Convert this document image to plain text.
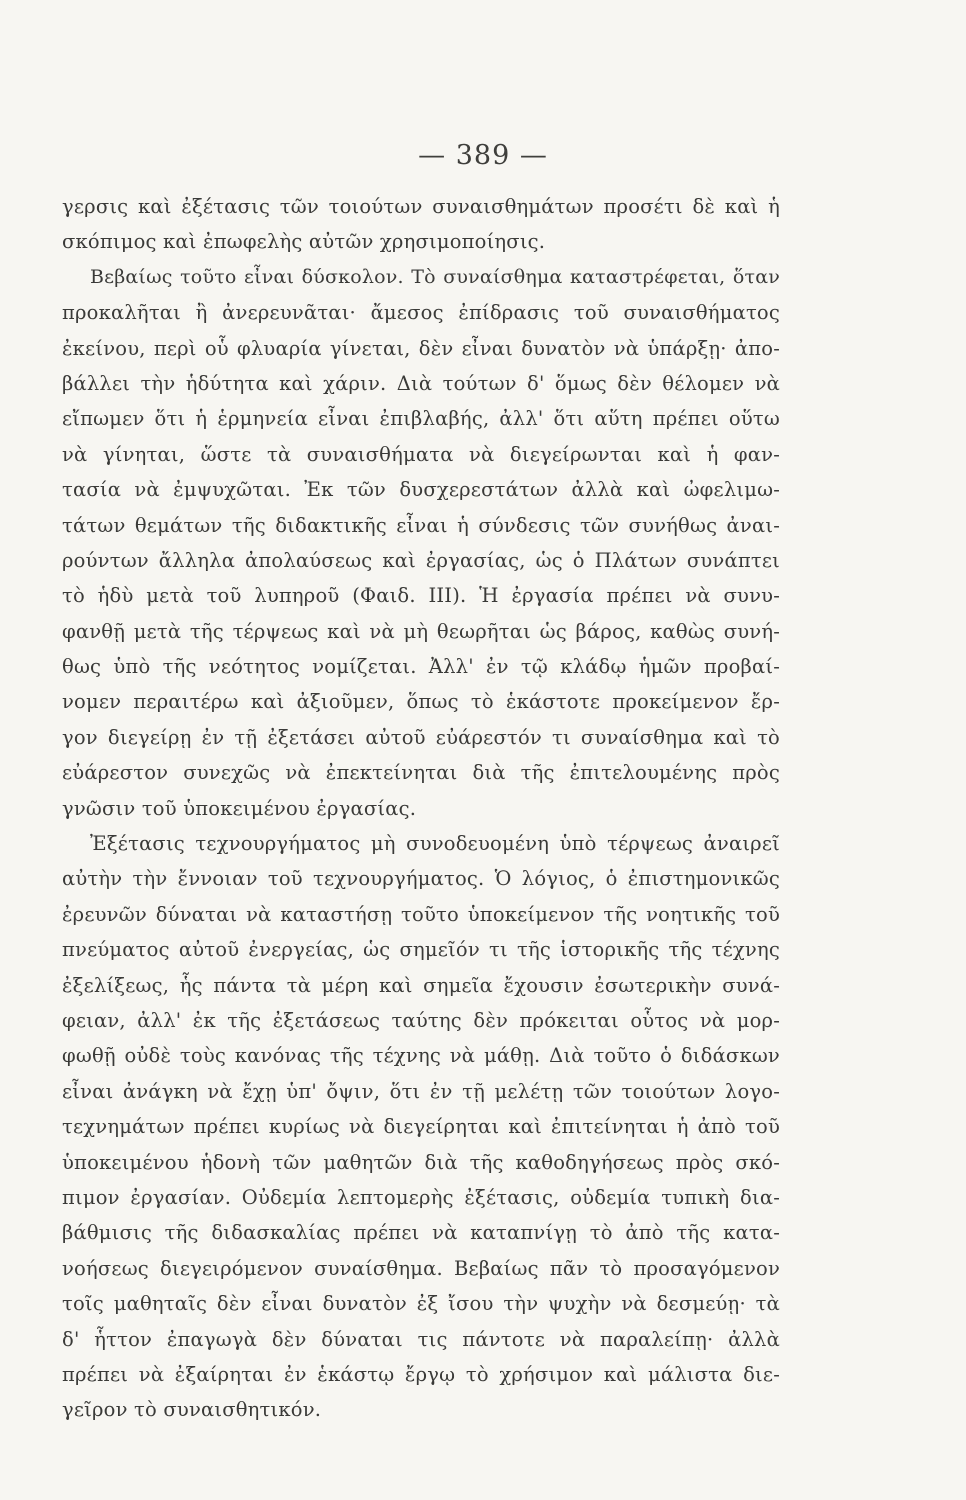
— 389 —
γερσις καὶ ἐξέτασις τῶν τοιούτων συναισθημάτων προσέτι δὲ καὶ ἡ
σκόπιμος καὶ ἐπωφελὴς αὐτῶν χρησιμοποίησις.
Βεβαίως τοῦτο εἶναι δύσκολον. Τὸ συναίσθημα καταστρέφεται, ὅταν
προκαλῆται ἢ ἀνερευνᾶται· ἄμεσος ἐπίδρασις τοῦ συναισθήματος
ἐκείνου, περὶ οὗ φλυαρία γίνεται, δὲν εἶναι δυνατὸν νὰ ὑπάρξῃ· ἀπο-
βάλλει τὴν ἡδύτητα καὶ χάριν. Διὰ τούτων δ' ὅμως δὲν θέλομεν νὰ
εἴπωμεν ὅτι ἡ ἑρμηνεία εἶναι ἐπιβλαβής, ἀλλ' ὅτι αὕτη πρέπει οὕτω
νὰ γίνηται, ὥστε τὰ συναισθήματα νὰ διεγείρωνται καὶ ἡ φαν-
τασία νὰ ἐμψυχῶται. Ἐκ τῶν δυσχερεστάτων ἀλλὰ καὶ ὠφελιμω-
τάτων θεμάτων τῆς διδακτικῆς εἶναι ἡ σύνδεσις τῶν συνήθως ἀναι-
ρούντων ἄλληλα ἀπολαύσεως καὶ ἐργασίας, ὡς ὁ Πλάτων συνάπτει
τὸ ἡδὺ μετὰ τοῦ λυπηροῦ (Φαιδ. III). Ἡ ἐργασία πρέπει νὰ συνυ-
φανθῇ μετὰ τῆς τέρψεως καὶ νὰ μὴ θεωρῆται ὡς βάρος, καθὼς συνή-
θως ὑπὸ τῆς νεότητος νομίζεται. Ἀλλ' ἐν τῷ κλάδῳ ἡμῶν προβαί-
νομεν περαιτέρω καὶ ἀξιοῦμεν, ὅπως τὸ ἑκάστοτε προκείμενον ἔρ-
γον διεγείρῃ ἐν τῇ ἐξετάσει αὐτοῦ εὐάρεστόν τι συναίσθημα καὶ τὸ
εὐάρεστον συνεχῶς νὰ ἐπεκτείνηται διὰ τῆς ἐπιτελουμένης πρὸς
γνῶσιν τοῦ ὑποκειμένου ἐργασίας.
Ἐξέτασις τεχνουργήματος μὴ συνοδευομένη ὑπὸ τέρψεως ἀναιρεῖ
αὐτὴν τὴν ἔννοιαν τοῦ τεχνουργήματος. Ὁ λόγιος, ὁ ἐπιστημονικῶς
ἐρευνῶν δύναται νὰ καταστήσῃ τοῦτο ὑποκείμενον τῆς νοητικῆς τοῦ
πνεύματος αὐτοῦ ἐνεργείας, ὡς σημεῖόν τι τῆς ἱστορικῆς τῆς τέχνης
ἐξελίξεως, ἧς πάντα τὰ μέρη καὶ σημεῖα ἔχουσιν ἐσωτερικὴν συνά-
φειαν, ἀλλ' ἐκ τῆς ἐξετάσεως ταύτης δὲν πρόκειται οὗτος νὰ μορ-
φωθῇ οὐδὲ τοὺς κανόνας τῆς τέχνης νὰ μάθῃ. Διὰ τοῦτο ὁ διδάσκων
εἶναι ἀνάγκη νὰ ἔχῃ ὑπ' ὄψιν, ὅτι ἐν τῇ μελέτῃ τῶν τοιούτων λογο-
τεχνημάτων πρέπει κυρίως νὰ διεγείρηται καὶ ἐπιτείνηται ἡ ἀπὸ τοῦ
ὑποκειμένου ἡδονὴ τῶν μαθητῶν διὰ τῆς καθοδηγήσεως πρὸς σκό-
πιμον ἐργασίαν. Οὐδεμία λεπτομερὴς ἐξέτασις, οὐδεμία τυπικὴ δια-
βάθμισις τῆς διδασκαλίας πρέπει νὰ καταπνίγῃ τὸ ἀπὸ τῆς κατα-
νοήσεως διεγειρόμενον συναίσθημα. Βεβαίως πᾶν τὸ προσαγόμενον
τοῖς μαθηταῖς δὲν εἶναι δυνατὸν ἐξ ἴσου τὴν ψυχὴν νὰ δεσμεύῃ· τὰ
δ' ἧττον ἐπαγωγὰ δὲν δύναται τις πάντοτε νὰ παραλείπῃ· ἀλλὰ
πρέπει νὰ ἐξαίρηται ἐν ἑκάστῳ ἔργῳ τὸ χρήσιμον καὶ μάλιστα διε-
γεῖρον τὸ συναισθητικόν.
